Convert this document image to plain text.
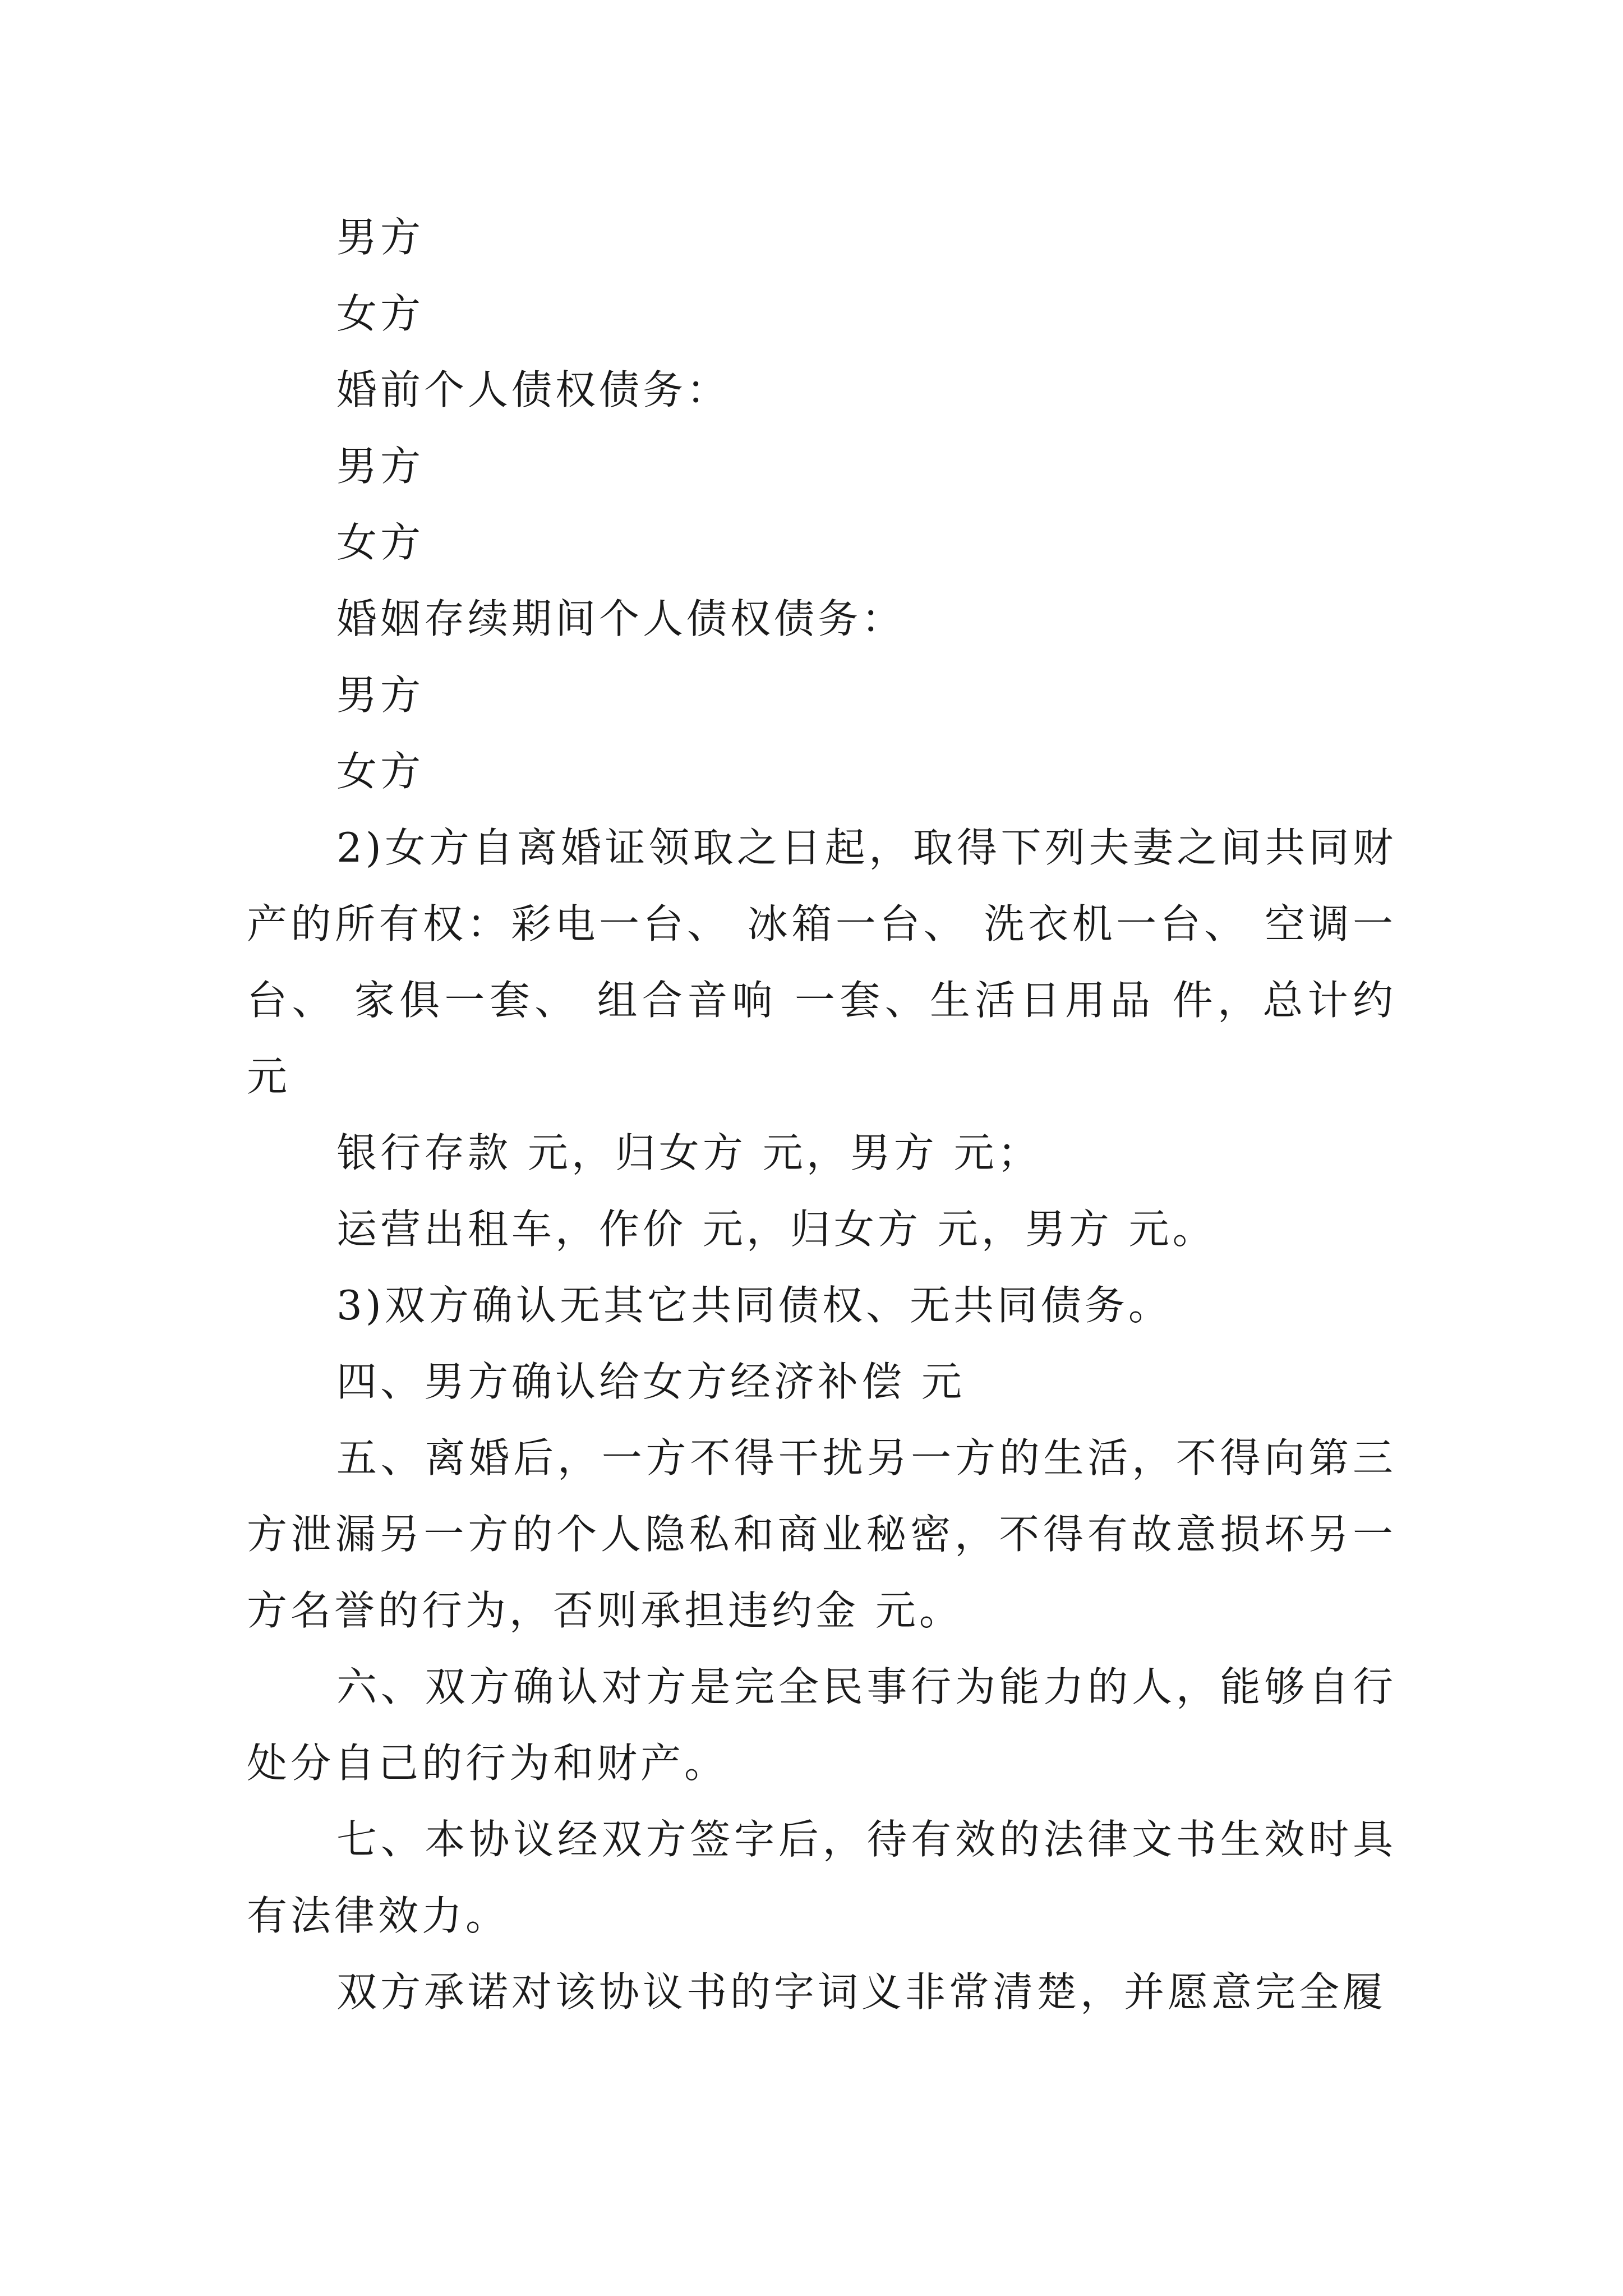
男方

女方

婚前个人债权债务：

男方

女方

婚姻存续期间个人债权债务：

男方

女方

2)女方自离婚证领取之日起，取得下列夫妻之间共同财产的所有权：彩电一台、 冰箱一台、 洗衣机一台、 空调一台、 家俱一套、 组合音响 一套、生活日用品 件，总计约 元

银行存款 元，归女方 元，男方 元；

运营出租车，作价 元，归女方 元，男方 元。

3)双方确认无其它共同债权、无共同债务。

四、男方确认给女方经济补偿 元

五、离婚后，一方不得干扰另一方的生活，不得向第三方泄漏另一方的个人隐私和商业秘密，不得有故意损坏另一方名誉的行为，否则承担违约金 元。

六、双方确认对方是完全民事行为能力的人，能够自行处分自己的行为和财产。

七、本协议经双方签字后，待有效的法律文书生效时具有法律效力。

双方承诺对该协议书的字词义非常清楚，并愿意完全履
